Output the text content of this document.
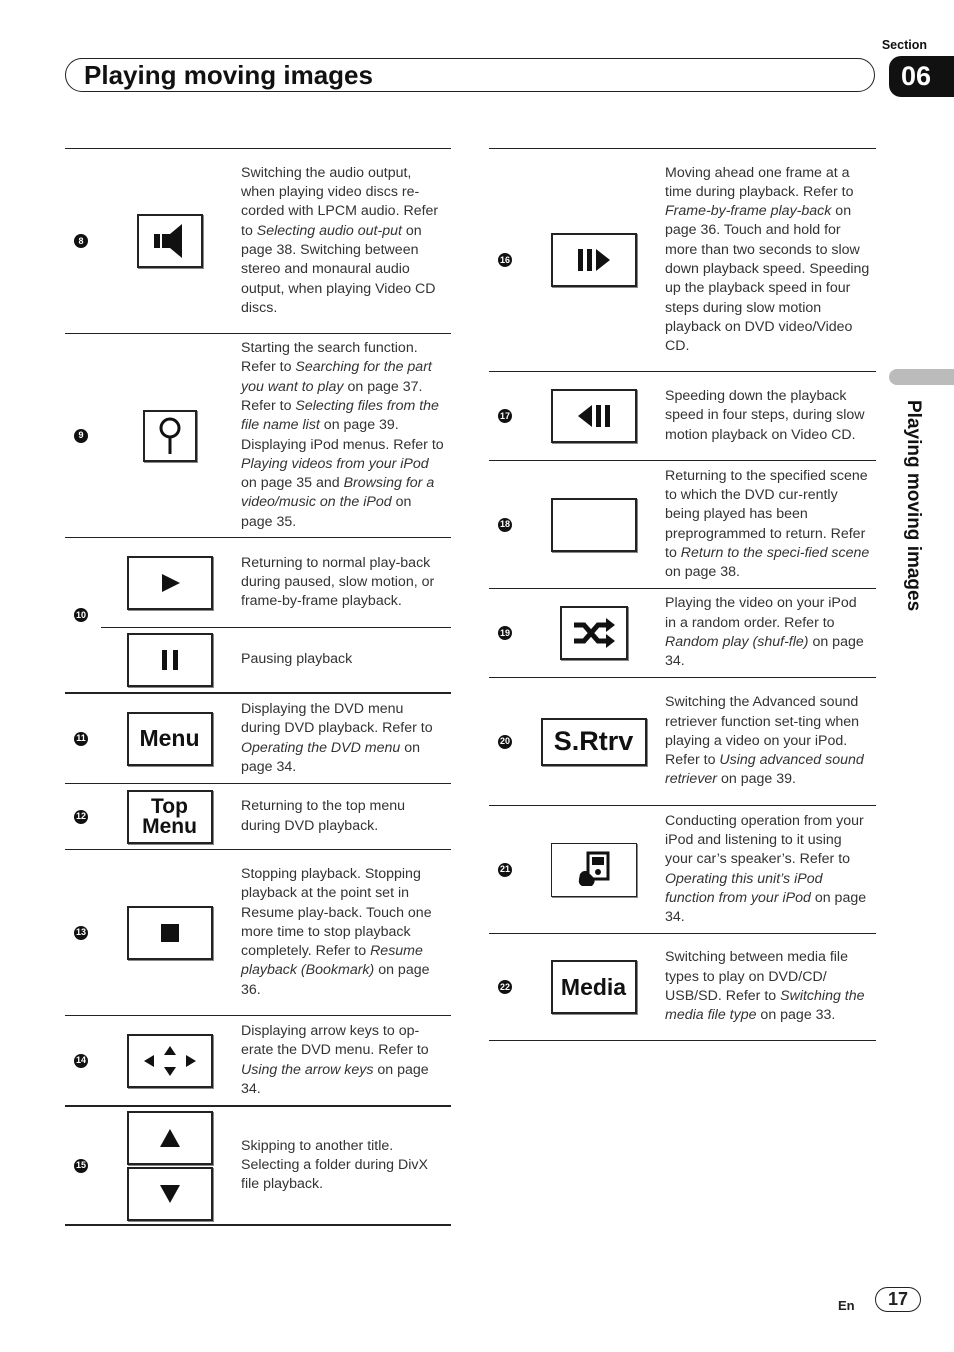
Section
06
Playing moving images
Playing moving images
8
Switching the audio output, when playing video discs re-corded with LPCM audio. Refer to Selecting audio out-put on page 38. Switching between stereo and monaural audio output, when playing Video CD discs.
9
Starting the search function. Refer to Searching for the part you want to play on page 37. Refer to Selecting files from the file name list on page 39. Displaying iPod menus. Refer to Playing videos from your iPod on page 35 and Browsing for a video/music on the iPod on page 35.
10
Returning to normal play-back during paused, slow motion, or frame-by-frame playback.
Pausing playback
11 Menu
Displaying the DVD menu during DVD playback. Refer to Operating the DVD menu on page 34.
12	Top
Menu
Returning to the top menu during DVD playback.
13
Stopping playback. Stopping playback at the point set in Resume play-back. Touch one more time to stop playback completely. Refer to Resume playback (Bookmark) on page 36.
14
Displaying arrow keys to op-erate the DVD menu. Refer to Using the arrow keys on page 34.
15
Skipping to another title. Selecting a folder during DivX file playback.
16
Moving ahead one frame at a time during playback. Refer to Frame-by-frame play-back on page 36. Touch and hold for more than two seconds to slow down playback speed. Speeding up the playback speed in four steps during slow motion playback on DVD video/Video CD.
17
Speeding down the playback speed in four steps, during slow motion playback on Video CD.
18
Returning to the specified scene to which the DVD cur-rently being played has been preprogrammed to return. Refer to Return to the speci-fied scene on page 38.
19
Playing the video on your iPod in a random order. Refer to Random play (shuf-fle) on page 34.
20 S.Rtrv
Switching the Advanced sound retriever function set-ting when playing a video on your iPod. Refer to Using advanced sound retriever on page 39.
21
Conducting operation from your iPod and listening to it using your car’s speaker’s. Refer to Operating this unit’s iPod function from your iPod on page 34.
22 Media
Switching between media file types to play on DVD/CD/ USB/SD. Refer to Switching the media file type on page 33.
En	17
